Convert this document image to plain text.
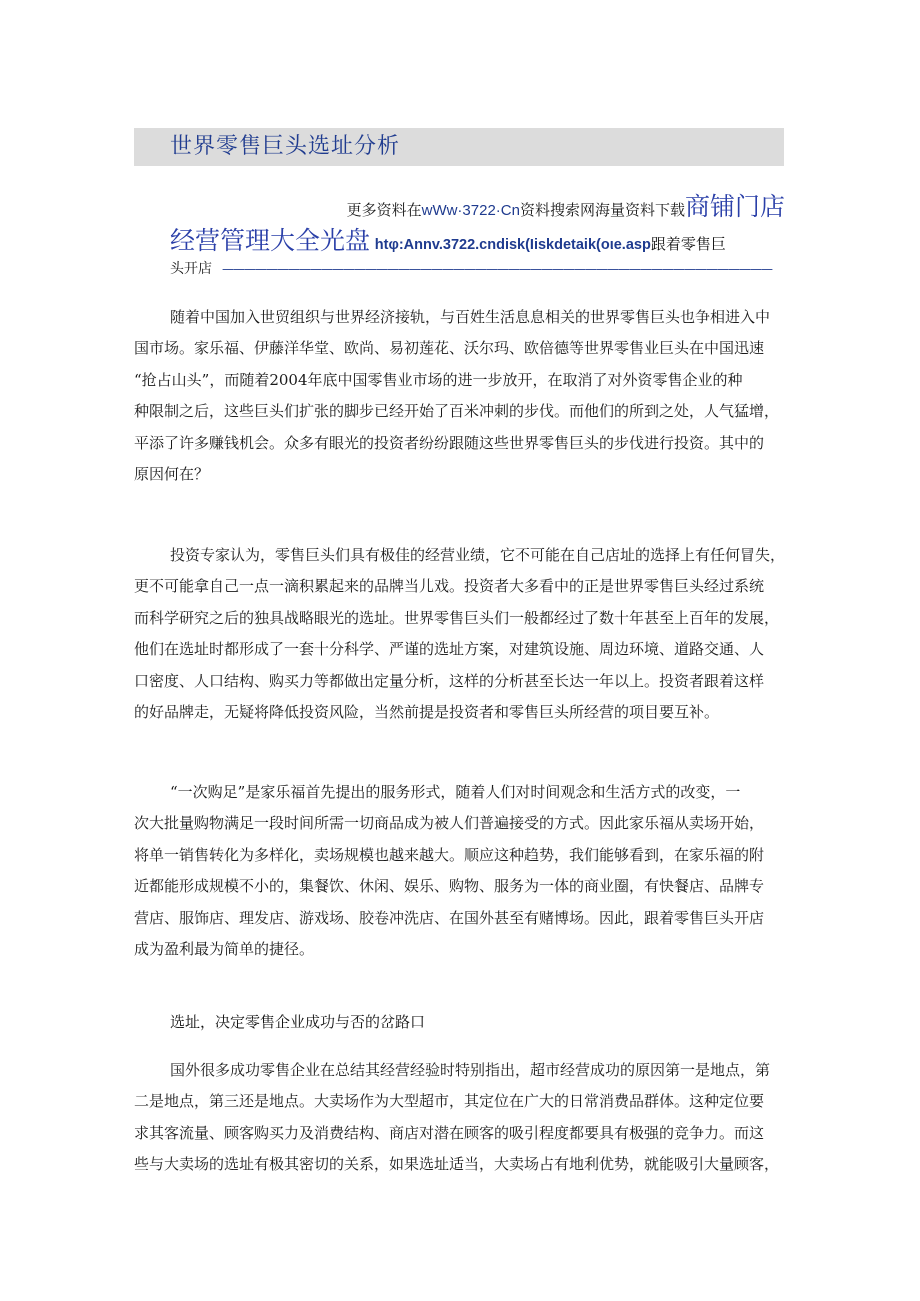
世界零售巨头选址分析
更多资料在wWw·3722·Cn资料搜索网海量资料下载商铺门店
经营管理大全光盘 htφ:Annv.3722.cndisk(Iiskdetaik(oιe.asp跟着零售巨
头开店 ——————————————————————————————————————————————————
随着中国加入世贸组织与世界经济接轨，与百姓生活息息相关的世界零售巨头也争相进入中
国市场。家乐福、伊藤洋华堂、欧尚、易初莲花、沃尔玛、欧倍德等世界零售业巨头在中国迅速
“抢占山头”，而随着2004年底中国零售业市场的进一步放开，在取消了对外资零售企业的种
种限制之后，这些巨头们扩张的脚步已经开始了百米冲刺的步伐。而他们的所到之处，人气猛增，
平添了许多赚钱机会。众多有眼光的投资者纷纷跟随这些世界零售巨头的步伐进行投资。其中的
原因何在？
投资专家认为，零售巨头们具有极佳的经营业绩，它不可能在自己店址的选择上有任何冒失，
更不可能拿自己一点一滴积累起来的品牌当儿戏。投资者大多看中的正是世界零售巨头经过系统
而科学研究之后的独具战略眼光的选址。世界零售巨头们一般都经过了数十年甚至上百年的发展，
他们在选址时都形成了一套十分科学、严谨的选址方案，对建筑设施、周边环境、道路交通、人
口密度、人口结构、购买力等都做出定量分析，这样的分析甚至长达一年以上。投资者跟着这样
的好品牌走，无疑将降低投资风险，当然前提是投资者和零售巨头所经营的项目要互补。
“一次购足”是家乐福首先提出的服务形式，随着人们对时间观念和生活方式的改变，一
次大批量购物满足一段时间所需一切商品成为被人们普遍接受的方式。因此家乐福从卖场开始，
将单一销售转化为多样化，卖场规模也越来越大。顺应这种趋势，我们能够看到，在家乐福的附
近都能形成规模不小的，集餐饮、休闲、娱乐、购物、服务为一体的商业圈，有快餐店、品牌专
营店、服饰店、理发店、游戏场、胶卷冲洗店、在国外甚至有赌博场。因此，跟着零售巨头开店
成为盈利最为简单的捷径。
选址，决定零售企业成功与否的岔路口
国外很多成功零售企业在总结其经营经验时特别指出，超市经营成功的原因第一是地点，第
二是地点，第三还是地点。大卖场作为大型超市，其定位在广大的日常消费品群体。这种定位要
求其客流量、顾客购买力及消费结构、商店对潜在顾客的吸引程度都要具有极强的竞争力。而这
些与大卖场的选址有极其密切的关系，如果选址适当，大卖场占有地利优势，就能吸引大量顾客，
